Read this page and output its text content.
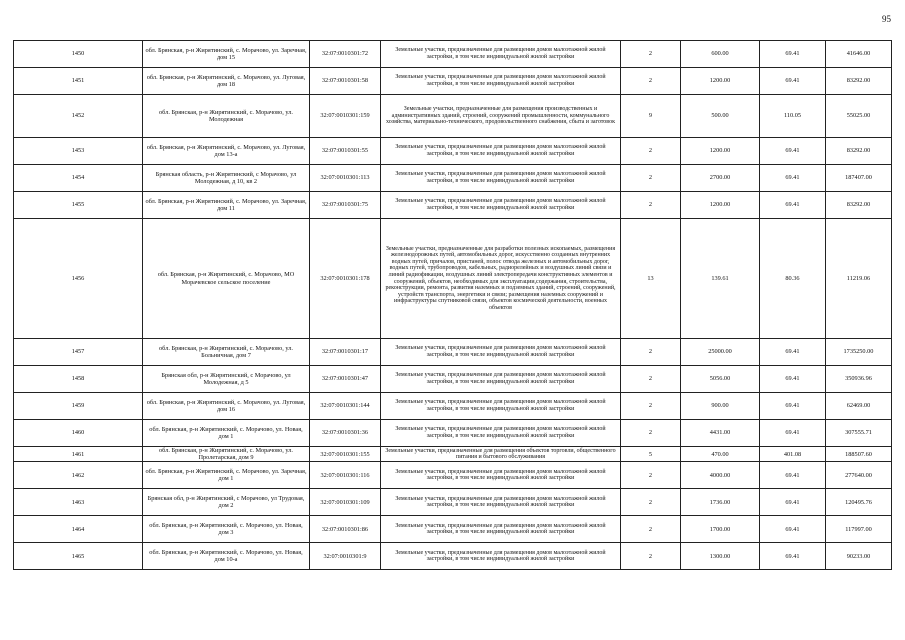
95
1450	обл. Брянская, р-н Жирятинский, с. Морачово, ул. Заречная, дом 15	32:07:0010301:72	Земельные участки, предназначенные для размещения домов малоэтажной жилой застройки, в том числе индивидуальной жилой застройки	2	600.00	69.41	41646.00
1451	обл. Брянская, р-н Жирятинский, с. Морачово, ул. Луговая, дом 18	32:07:0010301:58	Земельные участки, предназначенные для размещения домов малоэтажной жилой застройки, в том числе индивидуальной жилой застройки	2	1200.00	69.41	83292.00
1452	обл. Брянская, р-н Жирятинский, с. Морачово, ул. Молодежная	32:07:0010301:159	Земельные участки, предназначенные для размещения производственных и административных зданий, строений, сооружений промышленности, коммунального хозяйства, материально-технического, продовольственного снабжения, сбыта и заготовок	9	500.00	110.05	55025.00
1453	обл. Брянская, р-н Жирятинский, с. Морачово, ул. Луговая, дом 13-а	32:07:0010301:55	Земельные участки, предназначенные для размещения домов малоэтажной жилой застройки, в том числе индивидуальной жилой застройки	2	1200.00	69.41	83292.00
1454	Брянская область, р-н Жирятинский, с Морачово, ул Молодежная, д 10, кв 2	32:07:0010301:113	Земельные участки, предназначенные для размещения домов малоэтажной жилой застройки, в том числе индивидуальной жилой застройки	2	2700.00	69.41	187407.00
1455	обл. Брянская, р-н Жирятинский, с. Морачово, ул. Заречная, дом 11	32:07:0010301:75	Земельные участки, предназначенные для размещения домов малоэтажной жилой застройки, в том числе индивидуальной жилой застройки	2	1200.00	69.41	83292.00
1456	обл. Брянская, р-н Жирятинский, с. Морачово, МО Морачевское сельское поселение	32:07:0010301:178	Земельные участки, предназначенные для разработки полезных ископаемых, размещения железнодорожных путей, автомобильных дорог, искусственно созданных внутренних водных путей, причалов, пристаней, полос отвода железных и автомобильных дорог, водных путей, трубопроводов, кабельных, радиорелейных и воздушных линий связи и линий радиофикации, воздушных линий электропередачи конструктивных элементов и сооружений, объектов, необходимых для эксплуатации,содержания, строительства, реконструкции, ремонта, развития наземных и подземных зданий, строений, сооружений, устройств транспорта, энергетики и связи; размещения наземных сооружений и инфраструктуры спутниковой связи, объектов космической деятельности, военных объектов	13	139.61	80.36	11219.06
1457	обл. Брянская, р-н Жирятинский, с. Морачово, ул. Больничная, дом 7	32:07:0010301:17	Земельные участки, предназначенные для размещения домов малоэтажной жилой застройки, в том числе индивидуальной жилой застройки	2	25000.00	69.41	1735250.00
1458	Брянская обл, р-н Жирятинский, с Морачово, ул Молодежная, д 5	32:07:0010301:47	Земельные участки, предназначенные для размещения домов малоэтажной жилой застройки, в том числе индивидуальной жилой застройки	2	5056.00	69.41	350936.96
1459	обл. Брянская, р-н Жирятинский, с. Морачово, ул. Луговая, дом 16	32:07:0010301:144	Земельные участки, предназначенные для размещения домов малоэтажной жилой застройки, в том числе индивидуальной жилой застройки	2	900.00	69.41	62469.00
1460	обл. Брянская, р-н Жирятинский, с. Морачово, ул. Новая, дом 1	32:07:0010301:36	Земельные участки, предназначенные для размещения домов малоэтажной жилой застройки, в том числе индивидуальной жилой застройки	2	4431.00	69.41	307555.71
1461	обл. Брянская, р-н Жирятинский, с. Морачово, ул. Пролетарская, дом 9	32:07:0010301:155	Земельные участки, предназначенные для размещения объектов торговли, общественного питания и бытового обслуживания	5	470.00	401.08	188507.60
1462	обл. Брянская, р-н Жирятинский, с. Морачово, ул. Заречная, дом 1	32:07:0010301:116	Земельные участки, предназначенные для размещения домов малоэтажной жилой застройки, в том числе индивидуальной жилой застройки	2	4000.00	69.41	277640.00
1463	Брянская обл, р-н Жирятинский, с Морачово, ул Трудовая, дом 2	32:07:0010301:109	Земельные участки, предназначенные для размещения домов малоэтажной жилой застройки, в том числе индивидуальной жилой застройки	2	1736.00	69.41	120495.76
1464	обл. Брянская, р-н Жирятинский, с. Морачово, ул. Новая, дом 3	32:07:0010301:86	Земельные участки, предназначенные для размещения домов малоэтажной жилой застройки, в том числе индивидуальной жилой застройки	2	1700.00	69.41	117997.00
1465	обл. Брянская, р-н Жирятинский, с. Морачово, ул. Новая, дом 10-а	32:07:0010301:9	Земельные участки, предназначенные для размещения домов малоэтажной жилой застройки, в том числе индивидуальной жилой застройки	2	1300.00	69.41	90233.00
